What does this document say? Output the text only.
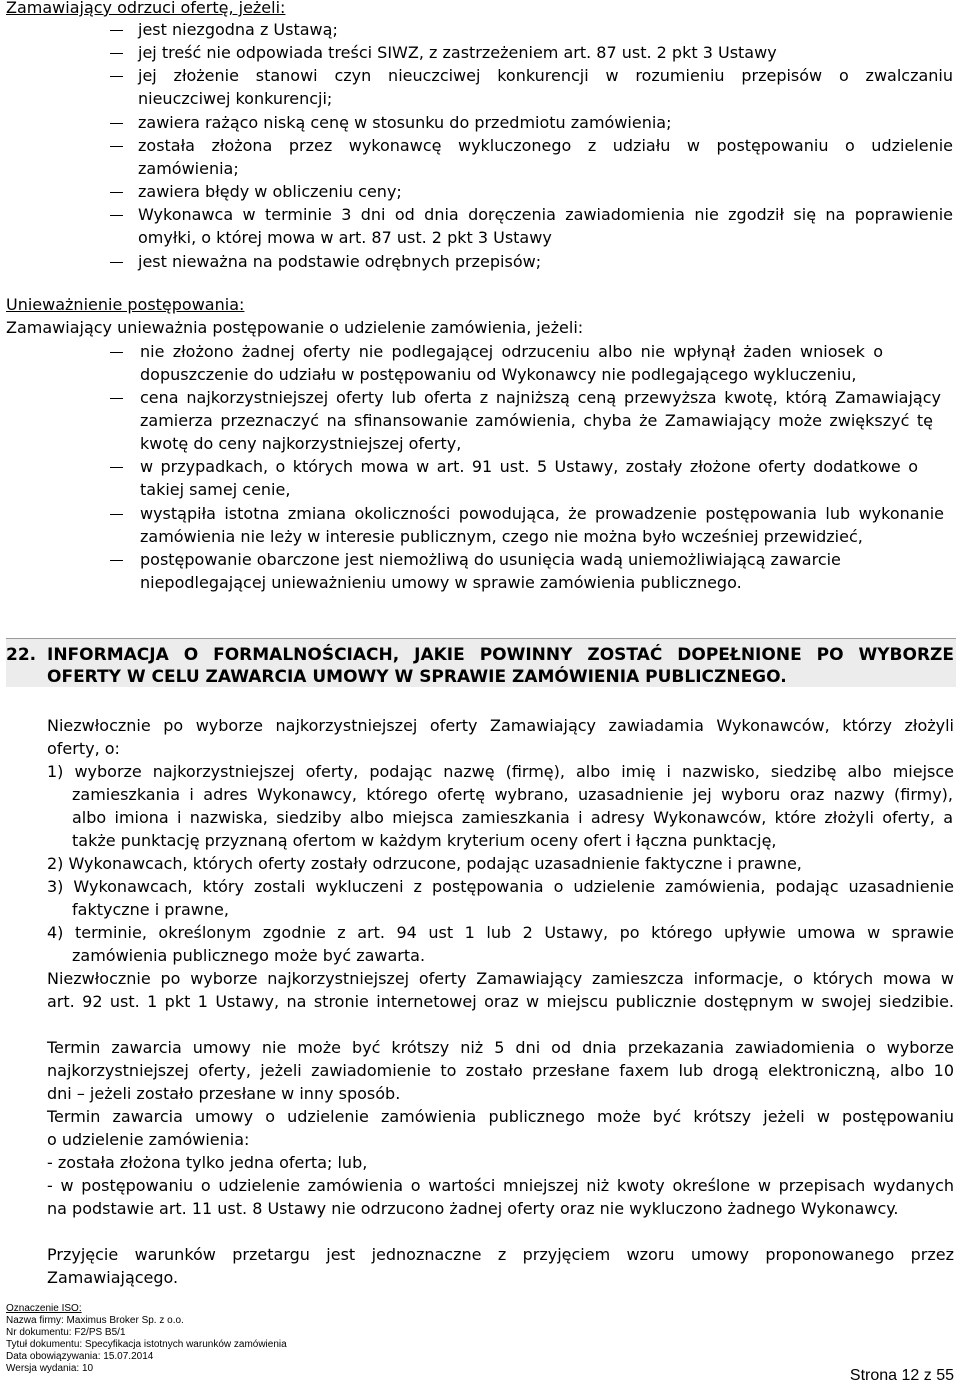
Zamawiający odrzuci ofertę, jeżeli:
jest niezgodna z Ustawą;
jej treść nie odpowiada treści SIWZ, z zastrzeżeniem art. 87 ust. 2 pkt 3 Ustawy
jej złożenie stanowi czyn nieuczciwej konkurencji w rozumieniu przepisów o zwalczaniu
nieuczciwej konkurencji;
zawiera rażąco niską cenę w stosunku do przedmiotu zamówienia;
została złożona przez wykonawcę wykluczonego z udziału w postępowaniu o udzielenie
zamówienia;
zawiera błędy w obliczeniu ceny;
Wykonawca w terminie 3 dni od dnia doręczenia zawiadomienia nie zgodził się na poprawienie
omyłki, o której mowa w art. 87 ust. 2 pkt 3 Ustawy
jest nieważna na podstawie odrębnych przepisów;
Unieważnienie postępowania:
Zamawiający unieważnia postępowanie o udzielenie zamówienia, jeżeli:
nie złożono żadnej oferty nie podlegającej odrzuceniu albo nie wpłynął żaden wniosek o
dopuszczenie do udziału w postępowaniu od Wykonawcy nie podlegającego wykluczeniu,
cena najkorzystniejszej oferty lub oferta z najniższą ceną przewyższa kwotę, którą Zamawiający
zamierza przeznaczyć na sfinansowanie zamówienia, chyba że Zamawiający może zwiększyć tę
kwotę do ceny najkorzystniejszej oferty,
w przypadkach, o których mowa w art. 91 ust. 5 Ustawy, zostały złożone oferty dodatkowe o
takiej samej cenie,
wystąpiła istotna zmiana okoliczności powodująca, że prowadzenie postępowania lub wykonanie
zamówienia nie leży w interesie publicznym, czego nie można było wcześniej przewidzieć,
postępowanie obarczone jest niemożliwą do usunięcia wadą uniemożliwiającą zawarcie
niepodlegającej unieważnieniu umowy w sprawie zamówienia publicznego.
22. INFORMACJA O FORMALNOŚCIACH, JAKIE POWINNY ZOSTAĆ DOPEŁNIONE PO WYBORZE
OFERTY W CELU ZAWARCIA UMOWY W SPRAWIE ZAMÓWIENIA PUBLICZNEGO.
Niezwłocznie po wyborze najkorzystniejszej oferty Zamawiający zawiadamia Wykonawców, którzy złożyli
oferty, o:
1) wyborze najkorzystniejszej oferty, podając nazwę (firmę), albo imię i nazwisko, siedzibę albo miejsce
zamieszkania i adres Wykonawcy, którego ofertę wybrano, uzasadnienie jej wyboru oraz nazwy (firmy),
albo imiona i nazwiska, siedziby albo miejsca zamieszkania i adresy Wykonawców, które złożyli oferty, a
także punktację przyznaną ofertom w każdym kryterium oceny ofert i łączna punktację,
2) Wykonawcach, których oferty zostały odrzucone, podając uzasadnienie faktyczne i prawne,
3) Wykonawcach, który zostali wykluczeni z postępowania o udzielenie zamówienia, podając uzasadnienie
faktyczne i prawne,
4) terminie, określonym zgodnie z art. 94 ust 1 lub 2 Ustawy, po którego upływie umowa w sprawie
zamówienia publicznego może być zawarta.
Niezwłocznie po wyborze najkorzystniejszej oferty Zamawiający zamieszcza informacje, o których mowa w
art. 92 ust. 1 pkt 1 Ustawy, na stronie internetowej oraz w miejscu publicznie dostępnym w swojej siedzibie.
Termin zawarcia umowy nie może być krótszy niż 5 dni od dnia przekazania zawiadomienia o wyborze
najkorzystniejszej oferty, jeżeli zawiadomienie to zostało przesłane faxem lub drogą elektroniczną, albo 10
dni – jeżeli zostało przesłane w inny sposób.
Termin zawarcia umowy o udzielenie zamówienia publicznego może być krótszy jeżeli w postępowaniu
o udzielenie zamówienia:
- została złożona tylko jedna oferta; lub,
- w postępowaniu o udzielenie zamówienia o wartości mniejszej niż kwoty określone w przepisach wydanych
na podstawie art. 11 ust. 8 Ustawy nie odrzucono żadnej oferty oraz nie wykluczono żadnego Wykonawcy.
Przyjęcie warunków przetargu jest jednoznaczne z przyjęciem wzoru umowy proponowanego przez
Zamawiającego.
Oznaczenie ISO:
Nazwa firmy: Maximus Broker Sp. z o.o.
Nr dokumentu: F2/PS B5/1
Tytuł dokumentu: Specyfikacja istotnych warunków zamówienia
Data obowiązywania: 15.07.2014
Wersja wydania: 10	Strona 12 z 55
